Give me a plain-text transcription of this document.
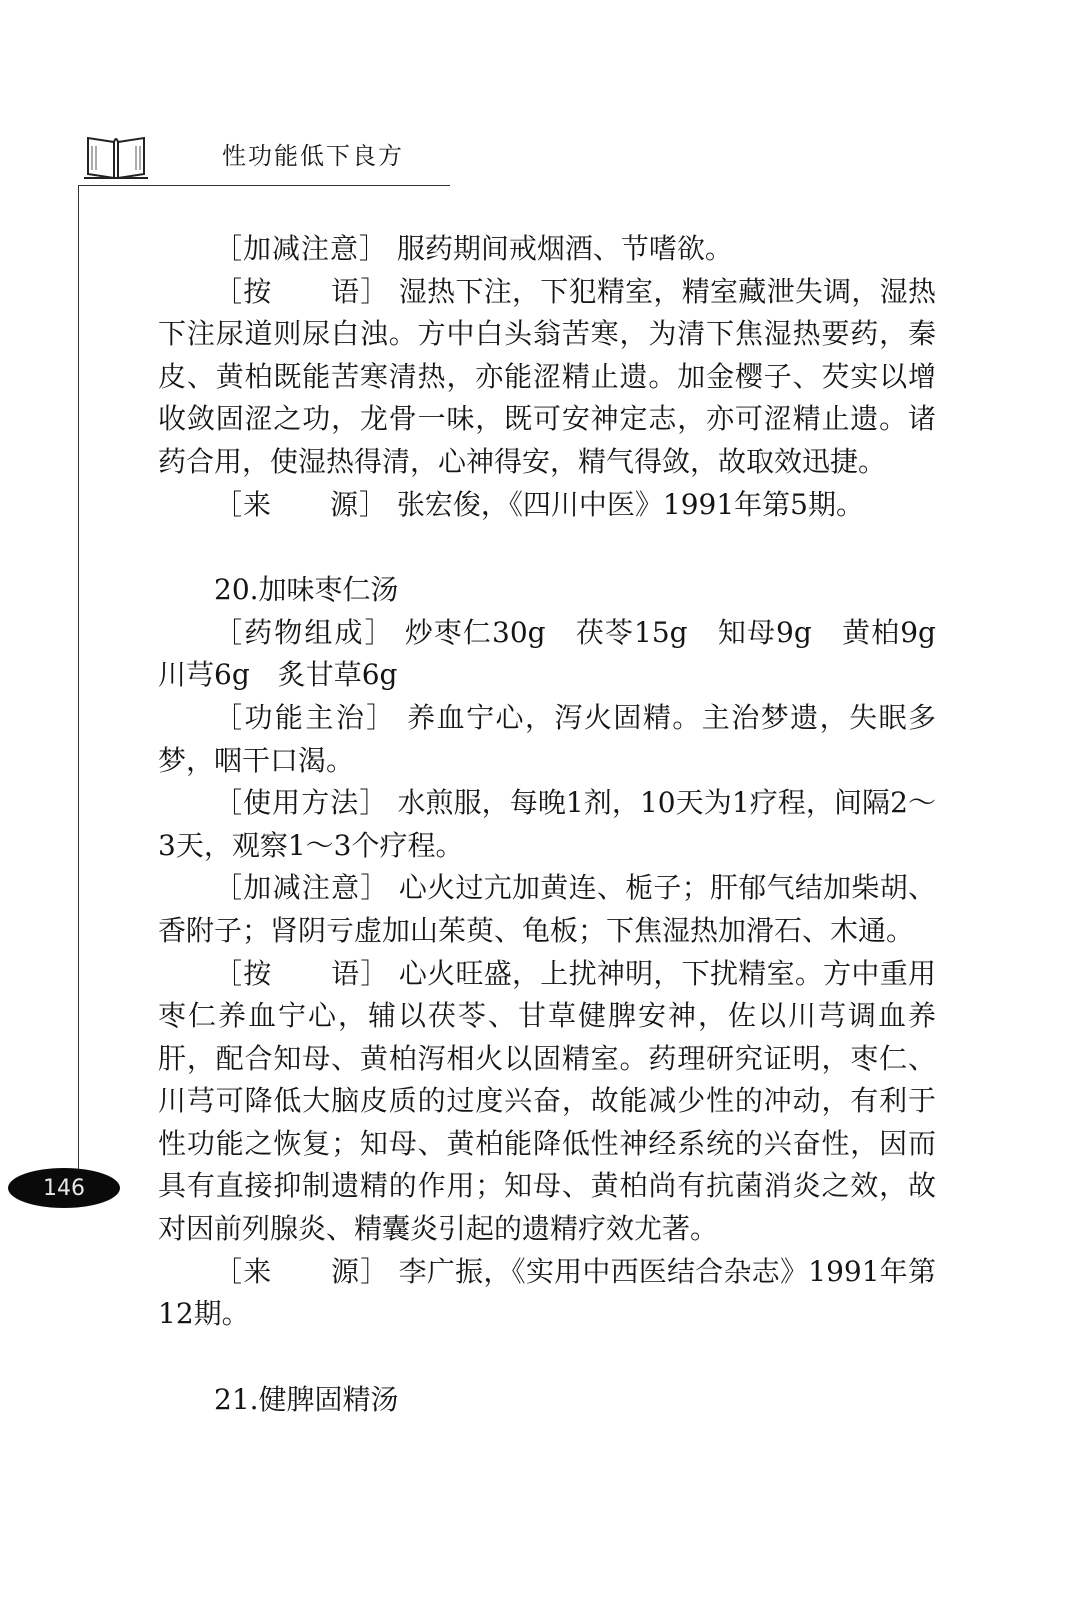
性功能低下良方
146

［加减注意］ 服药期间戒烟酒、节嗜欲。

［按　　语］ 湿热下注，下犯精室，精室藏泄失调，湿热下注尿道则尿白浊。方中白头翁苦寒，为清下焦湿热要药，秦皮、黄柏既能苦寒清热，亦能涩精止遗。加金樱子、芡实以增收敛固涩之功，龙骨一味，既可安神定志，亦可涩精止遗。诸药合用，使湿热得清，心神得安，精气得敛，故取效迅捷。

［来　　源］ 张宏俊，《四川中医》1991年第5期。

20.加味枣仁汤

［药物组成］ 炒枣仁30g　茯苓15g　知母9g　黄柏9g　川芎6g　炙甘草6g

［功能主治］ 养血宁心，泻火固精。主治梦遗，失眠多梦，咽干口渴。

［使用方法］ 水煎服，每晚1剂，10天为1疗程，间隔2～3天，观察1～3个疗程。

［加减注意］ 心火过亢加黄连、栀子；肝郁气结加柴胡、香附子；肾阴亏虚加山茱萸、龟板；下焦湿热加滑石、木通。

［按　　语］ 心火旺盛，上扰神明，下扰精室。方中重用枣仁养血宁心，辅以茯苓、甘草健脾安神，佐以川芎调血养肝，配合知母、黄柏泻相火以固精室。药理研究证明，枣仁、川芎可降低大脑皮质的过度兴奋，故能减少性的冲动，有利于性功能之恢复；知母、黄柏能降低性神经系统的兴奋性，因而具有直接抑制遗精的作用；知母、黄柏尚有抗菌消炎之效，故对因前列腺炎、精囊炎引起的遗精疗效尤著。

［来　　源］ 李广振，《实用中西医结合杂志》1991年第12期。

21.健脾固精汤
